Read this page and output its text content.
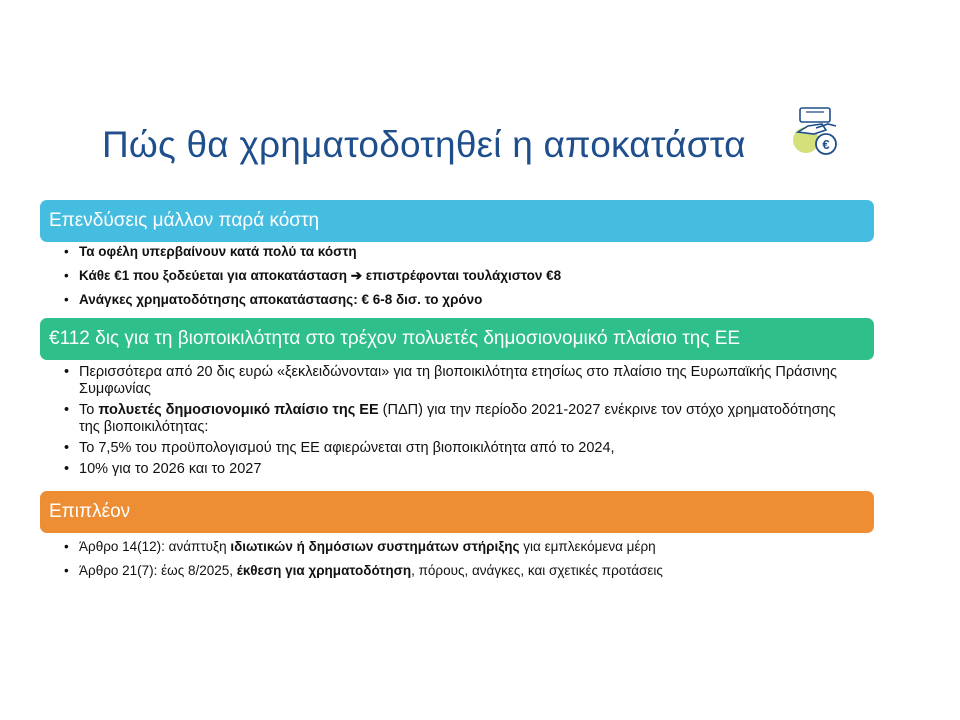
Πώς θα χρηματοδοτηθεί η αποκατάστα	€
Επενδύσεις μάλλον παρά κόστη
• Τα οφέλη υπερβαίνουν κατά πολύ τα κόστη
• Κάθε €1 που ξοδεύεται για αποκατάσταση ➔ επιστρέφονται τουλάχιστον €8
• Ανάγκες χρηματοδότησης αποκατάστασης: € 6-8 δισ. το χρόνο
€112 δις για τη βιοποικιλότητα στο τρέχον πολυετές δημοσιονομικό πλαίσιο της ΕΕ
• Περισσότερα από 20 δις ευρώ «ξεκλειδώνονται» για τη βιοποικιλότητα ετησίως στο πλαίσιο της Ευρωπαϊκής Πράσινης Συμφωνίας
• Το πολυετές δημοσιονομικό πλαίσιο της ΕΕ (ΠΔΠ) για την περίοδο 2021-2027 ενέκρινε τον στόχο χρηματοδότησης της βιοποικιλότητας:
• Το 7,5% του προϋπολογισμού της ΕΕ αφιερώνεται στη βιοποικιλότητα από το 2024,
• 10% για το 2026 και το 2027
Επιπλέον
• Άρθρο 14(12): ανάπτυξη ιδιωτικών ή δημόσιων συστημάτων στήριξης για εμπλεκόμενα μέρη
• Άρθρο 21(7): έως 8/2025, έκθεση για χρηματοδότηση, πόρους, ανάγκες, και σχετικές προτάσεις
